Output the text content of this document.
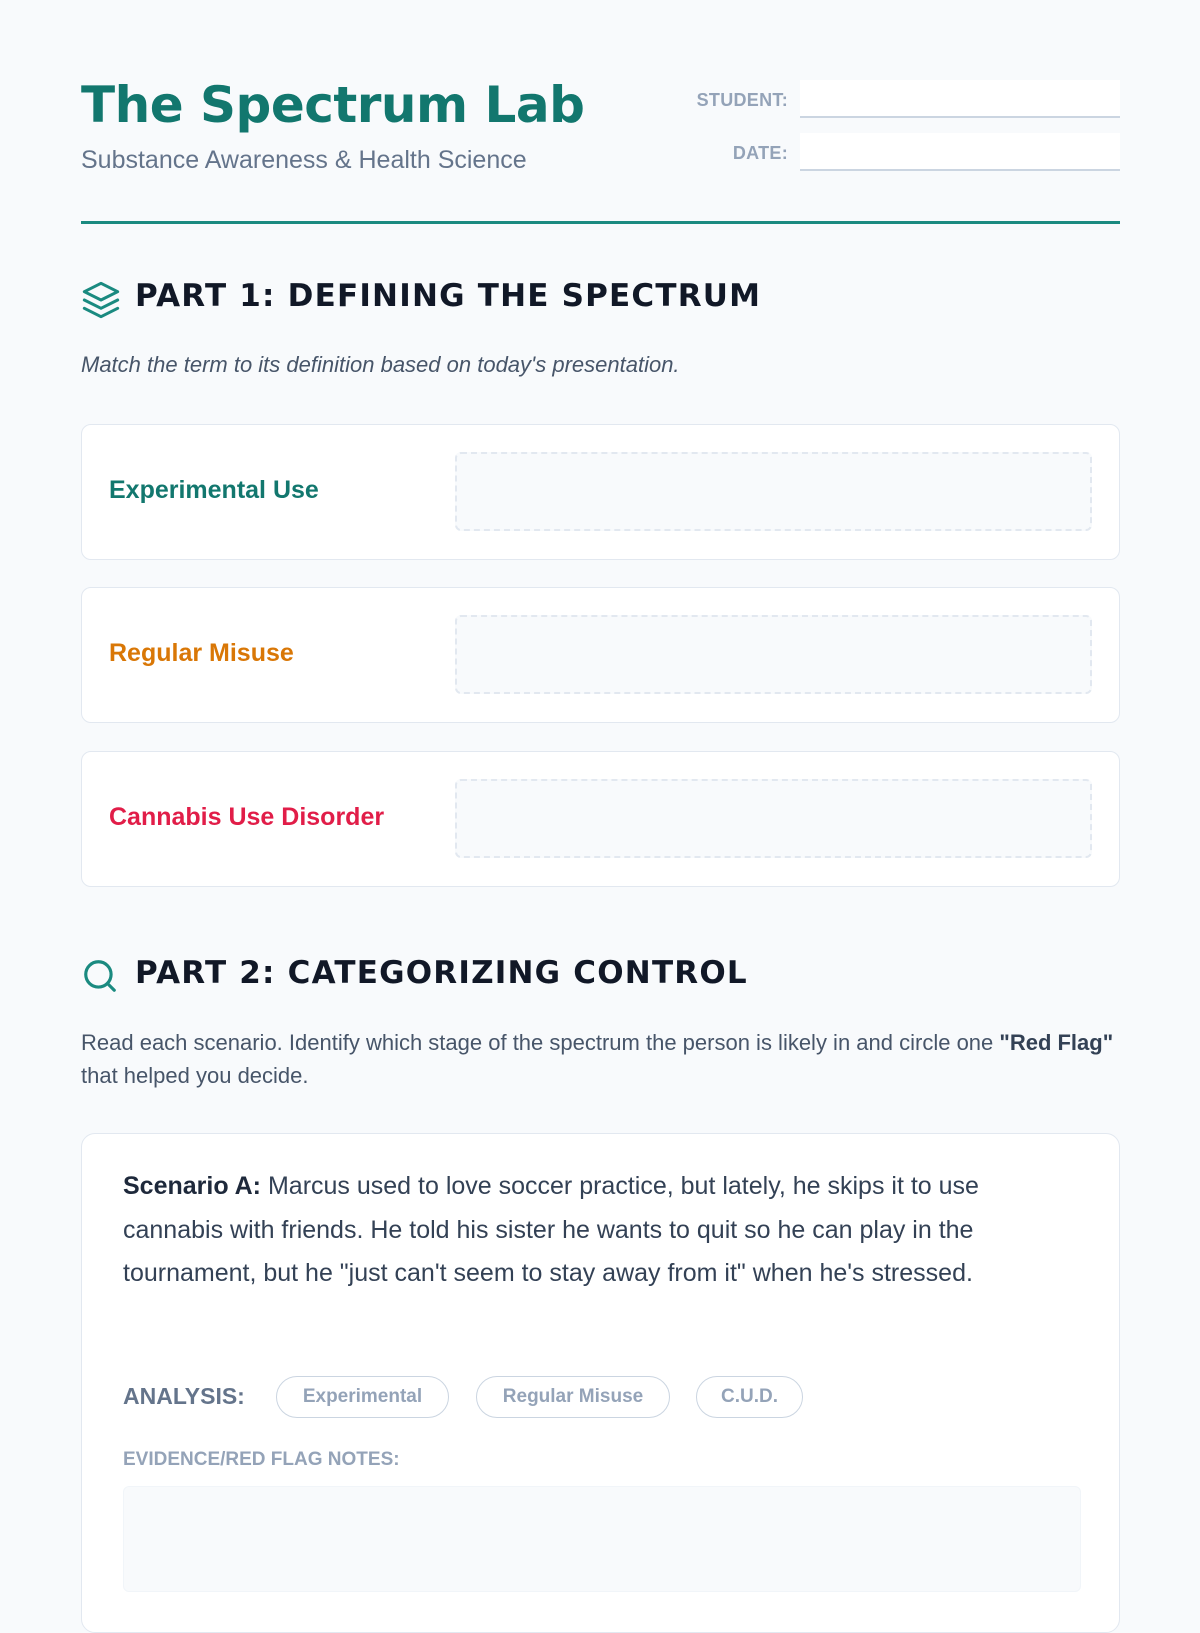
The Spectrum Lab
Substance Awareness & Health Science
STUDENT:
DATE:
PART 1: DEFINING THE SPECTRUM
Match the term to its definition based on today's presentation.
Experimental Use
Regular Misuse
Cannabis Use Disorder
PART 2: CATEGORIZING CONTROL
Read each scenario. Identify which stage of the spectrum the person is likely in and circle one "Red Flag" that helped you decide.
Scenario A: Marcus used to love soccer practice, but lately, he skips it to use cannabis with friends. He told his sister he wants to quit so he can play in the tournament, but he "just can't seem to stay away from it" when he's stressed.
ANALYSIS:	Experimental	Regular Misuse	C.U.D.
EVIDENCE/RED FLAG NOTES:
